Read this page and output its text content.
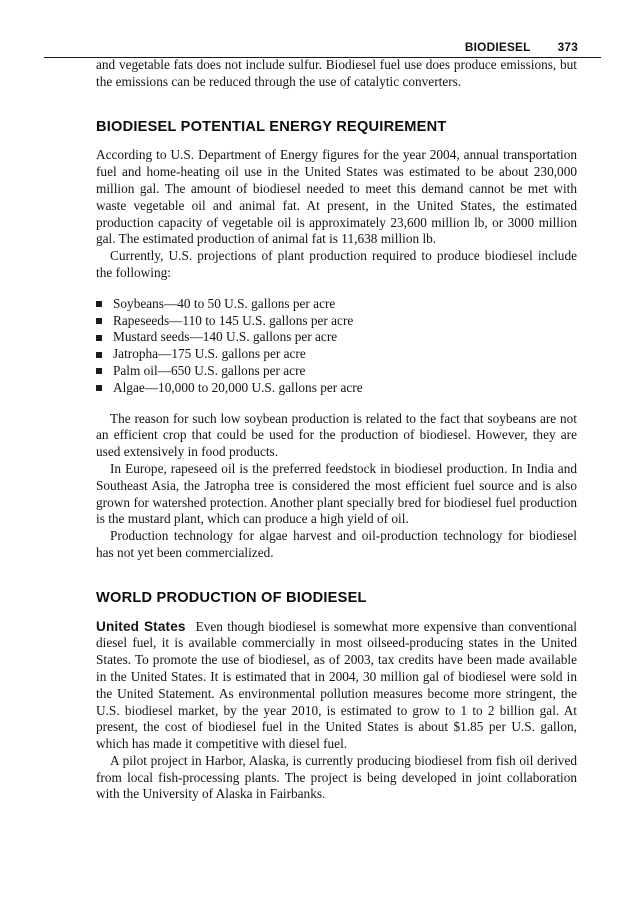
BIODIESEL 373

and vegetable fats does not include sulfur. Biodiesel fuel use does produce emissions, but the emissions can be reduced through the use of catalytic converters.

BIODIESEL POTENTIAL ENERGY REQUIREMENT

According to U.S. Department of Energy figures for the year 2004, annual transportation fuel and home-heating oil use in the United States was estimated to be about 230,000 million gal. The amount of biodiesel needed to meet this demand cannot be met with waste vegetable oil and animal fat. At present, in the United States, the estimated production capacity of vegetable oil is approximately 23,600 million lb, or 3000 million gal. The estimated production of animal fat is 11,638 million lb.

Currently, U.S. projections of plant production required to produce biodiesel include the following:

Soybeans—40 to 50 U.S. gallons per acre
Rapeseeds—110 to 145 U.S. gallons per acre
Mustard seeds—140 U.S. gallons per acre
Jatropha—175 U.S. gallons per acre
Palm oil—650 U.S. gallons per acre
Algae—10,000 to 20,000 U.S. gallons per acre

The reason for such low soybean production is related to the fact that soybeans are not an efficient crop that could be used for the production of biodiesel. However, they are used extensively in food products.

In Europe, rapeseed oil is the preferred feedstock in biodiesel production. In India and Southeast Asia, the Jatropha tree is considered the most efficient fuel source and is also grown for watershed protection. Another plant specially bred for biodiesel fuel production is the mustard plant, which can produce a high yield of oil.

Production technology for algae harvest and oil-production technology for biodiesel has not yet been commercialized.

WORLD PRODUCTION OF BIODIESEL

United States Even though biodiesel is somewhat more expensive than conventional diesel fuel, it is available commercially in most oilseed-producing states in the United States. To promote the use of biodiesel, as of 2003, tax credits have been made available in the United States. It is estimated that in 2004, 30 million gal of biodiesel were sold in the United Statement. As environmental pollution measures become more stringent, the U.S. biodiesel market, by the year 2010, is estimated to grow to 1 to 2 billion gal. At present, the cost of biodiesel fuel in the United States is about $1.85 per U.S. gallon, which has made it competitive with diesel fuel.

A pilot project in Harbor, Alaska, is currently producing biodiesel from fish oil derived from local fish-processing plants. The project is being developed in joint collaboration with the University of Alaska in Fairbanks.
